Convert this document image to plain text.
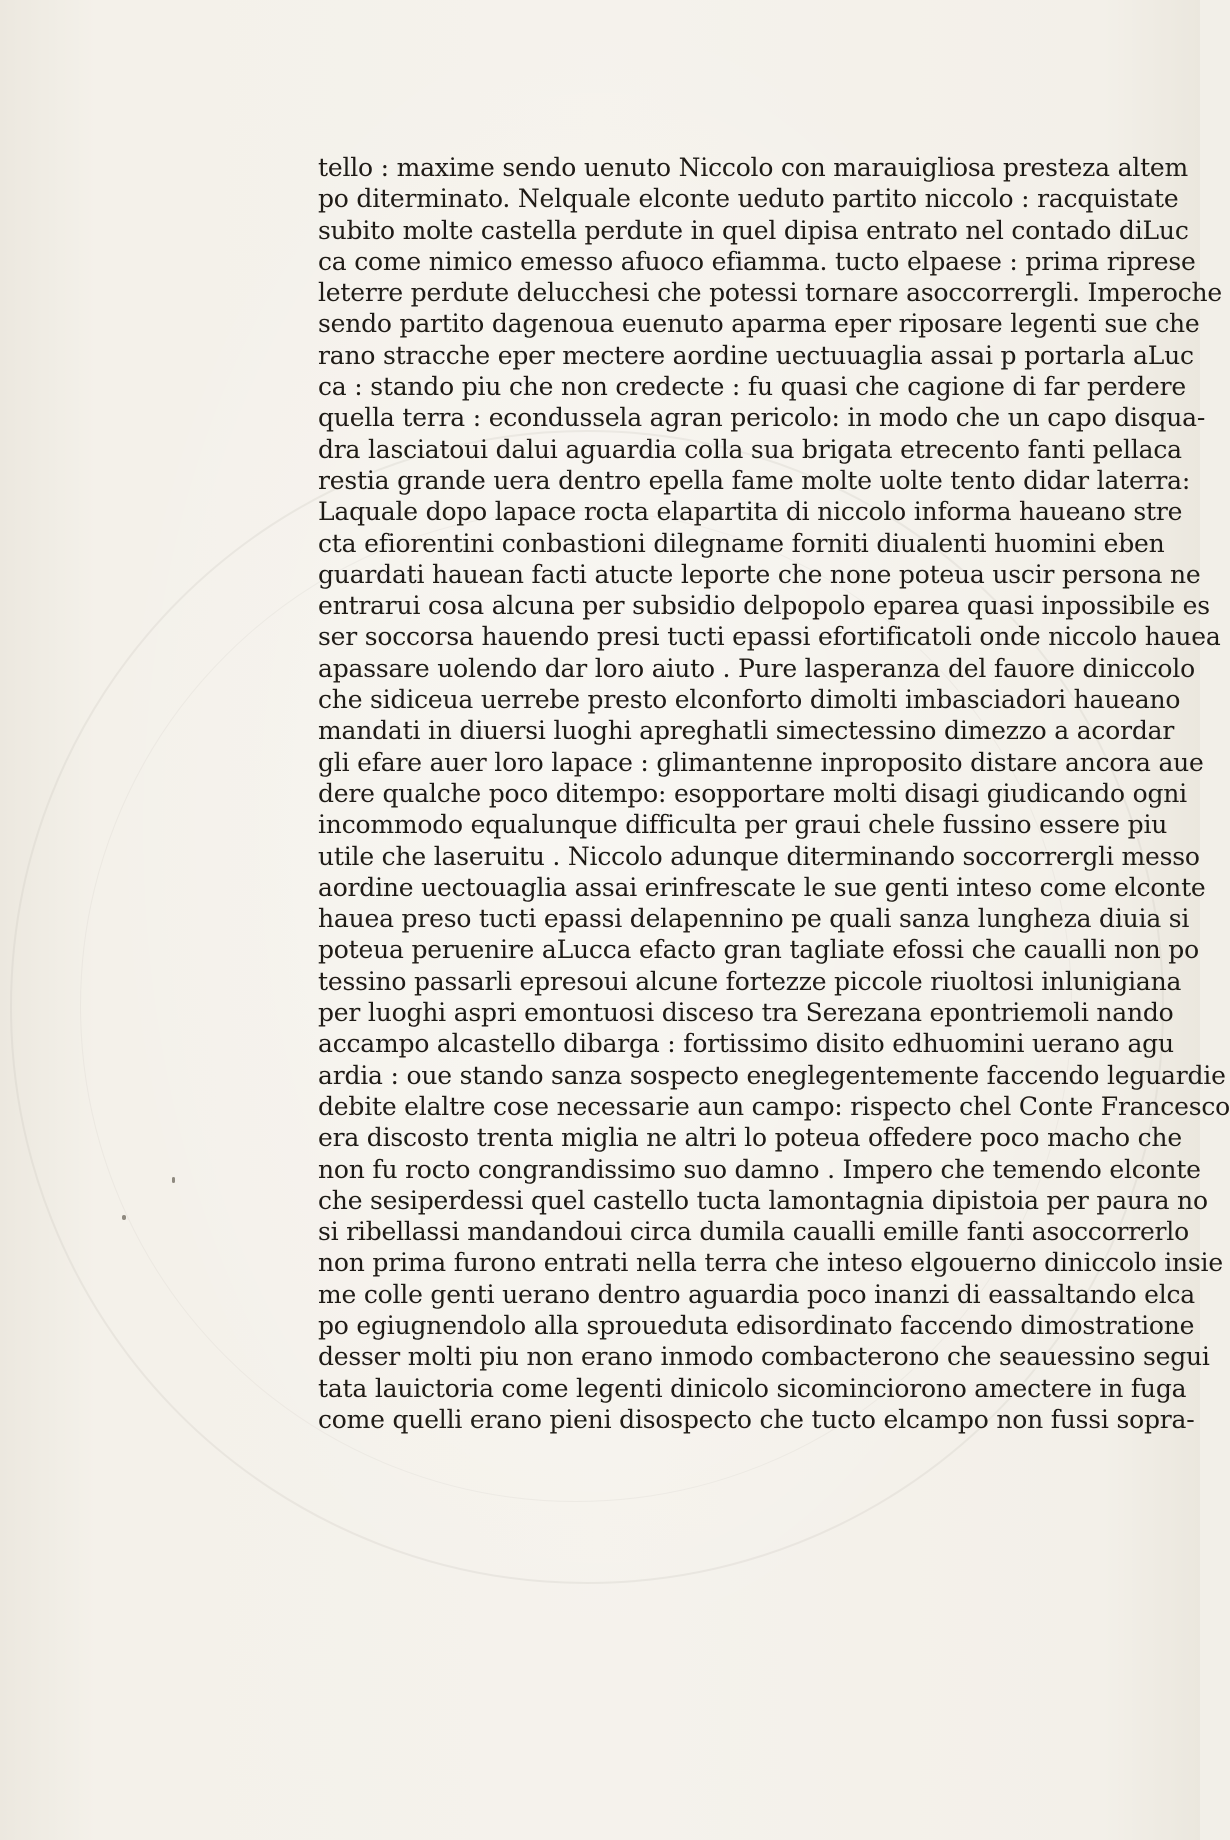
tello : maxime sendo uenuto Niccolo con marauigliosa presteza altem
po diterminato. Nelquale elconte ueduto partito niccolo : racquistate
subito molte castella perdute in quel dipisa entrato nel contado diLuc
ca come nimico emesso afuoco efiamma. tucto elpaese : prima riprese
leterre perdute delucchesi che potessi tornare asoccorrergli. Imperoche
sendo partito dagenoua euenuto aparma eper riposare legenti sue che
rano stracche eper mectere aordine uectuuaglia assai p portarla aLuc
ca : stando piu che non credecte : fu quasi che cagione di far perdere
quella terra : econdussela agran pericolo: in modo che un capo disqua-
dra lasciatoui dalui aguardia colla sua brigata etrecento fanti pellaca
restia grande uera dentro epella fame molte uolte tento didar laterra:
Laquale dopo lapace rocta elapartita di niccolo informa haueano stre
cta efiorentini conbastioni dilegname forniti diualenti huomini eben
guardati hauean facti atucte leporte che none poteua uscir persona ne
entrarui cosa alcuna per subsidio delpopolo eparea quasi inpossibile es
ser soccorsa hauendo presi tucti epassi efortificatoli onde niccolo hauea
apassare uolendo dar loro aiuto . Pure lasperanza del fauore diniccolo
che sidiceua uerrebe presto elconforto dimolti imbasciadori haueano
mandati in diuersi luoghi apreghatli simectessino dimezzo a acordar
gli efare auer loro lapace : glimantenne inproposito distare ancora aue
dere qualche poco ditempo: esopportare molti disagi giudicando ogni
incommodo equalunque difficulta per graui chele fussino essere piu
utile che laseruitu . Niccolo adunque diterminando soccorrergli messo
aordine uectouaglia assai erinfrescate le sue genti inteso come elconte
hauea preso tucti epassi delapennino pe quali sanza lungheza diuia si
poteua peruenire aLucca efacto gran tagliate efossi che caualli non po
tessino passarli epresoui alcune fortezze piccole riuoltosi inlunigiana
per luoghi aspri emontuosi discesо tra Serezana epontriemoli nando
accampo alcastello dibarga : fortissimo disito edhuomini uerano agu
ardia : oue stando sanza sospecto eneglegentemente faccendo leguardie
debite elaltre cose necessarie aun campo: rispecto chel Conte Francesco
era discosto trenta miglia ne altri lo poteua offedere poco macho che
non fu rocto congrandissimo suo damno . Impero che temendo elconte
che sesiperdessi quel castello tucta lamontagnia dipistoia per paura no
si ribellassi mandandoui circa dumila caualli emille fanti asoccorrerlo
non prima furono entrati nella terra che inteso elgouerno diniccolo insie
me colle genti uerano dentro aguardia poco inanzi di eassaltando elca
po egiugnendolo alla sproueduta edisordinato faccendo dimostratione
desser molti piu non erano inmodo combacterono che seauessino segui
tata lauictoria come legenti dinicolo sicominciorono amectere in fuga
come quelli erano pieni disospecto che tucto elcampo non fussi sopra-
